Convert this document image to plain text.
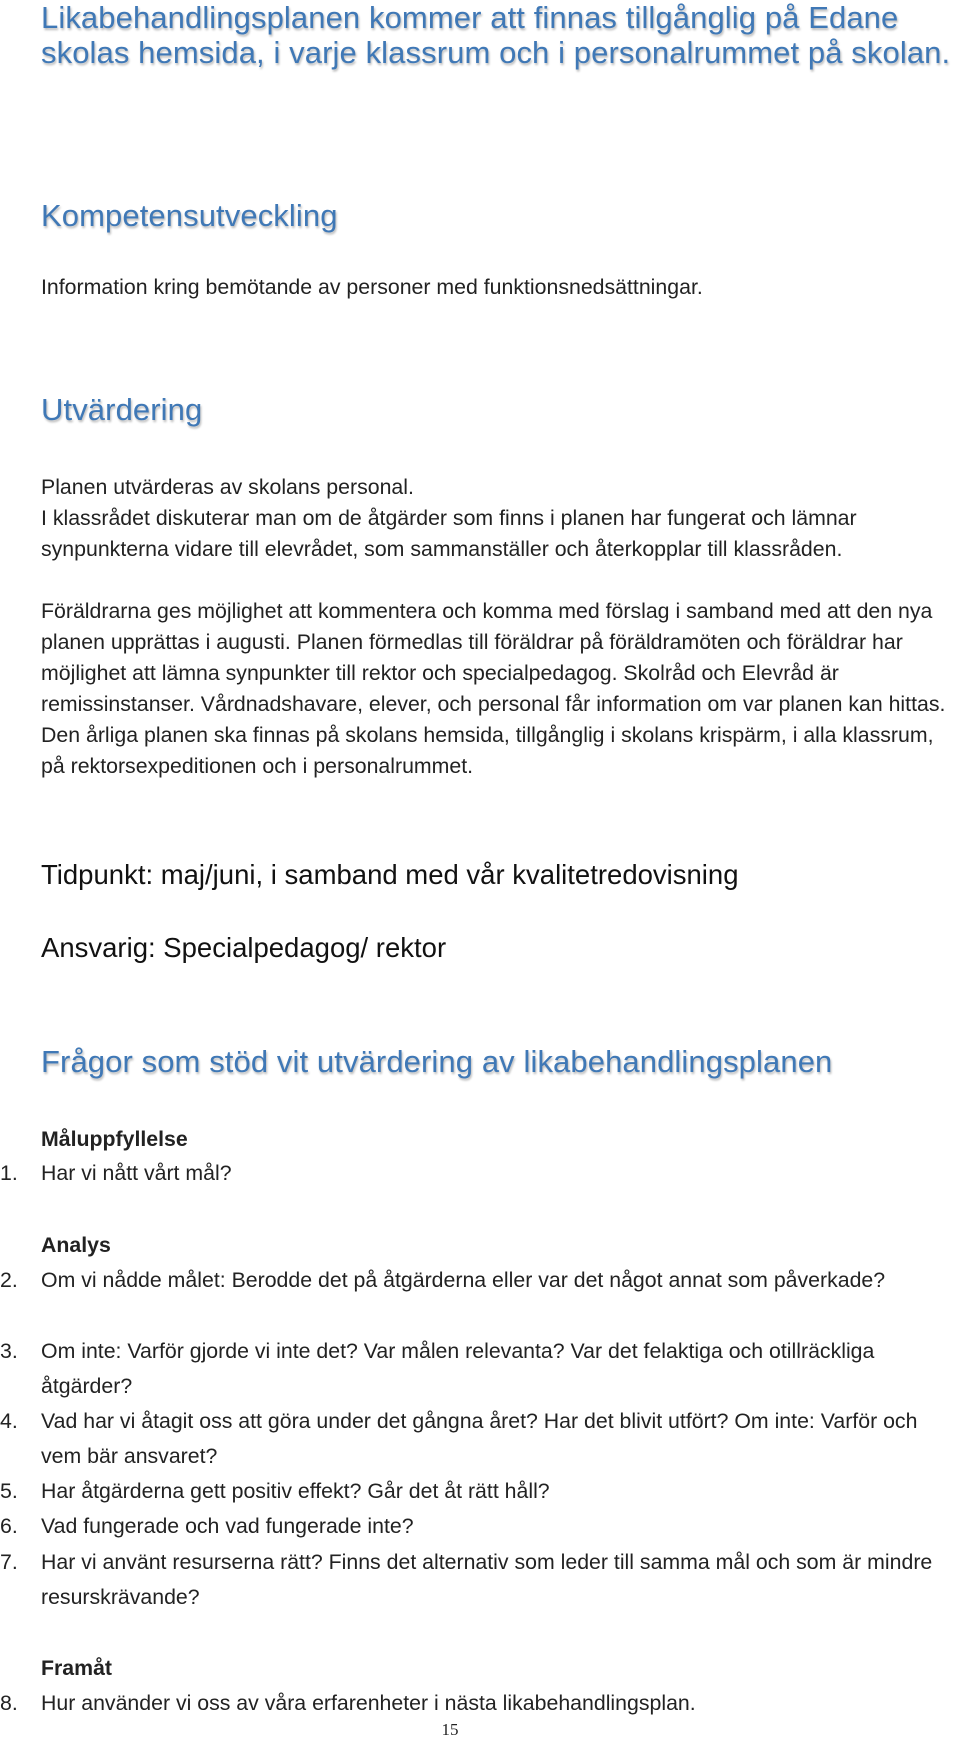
Likabehandlingsplanen kommer att finnas tillgånglig på Edane
skolas hemsida, i varje klassrum och i personalrummet på skolan.
Kompetensutveckling

Information kring bemötande av personer med funktionsnedsättningar.

Utvärdering

Planen utvärderas av skolans personal.

I klassrådet diskuterar man om de åtgärder som finns i planen har fungerat och lämnar synpunkterna vidare till elevrådet, som sammanställer och återkopplar till klassråden.

Föräldrarna ges möjlighet att kommentera och komma med förslag i samband med att den nya planen upprättas i augusti. Planen förmedlas till föräldrar på föräldramöten och föräldrar har möjlighet att lämna synpunkter till rektor och specialpedagog. Skolråd och Elevråd är remissinstanser. Vårdnadshavare, elever, och personal får information om var planen kan hittas. Den årliga planen ska finnas på skolans hemsida, tillgånglig i skolans krispärm, i alla klassrum, på rektorsexpeditionen och i personalrummet.

Tidpunkt: maj/juni, i samband med vår kvalitetredovisning

Ansvarig: Specialpedagog/ rektor

Frågor som stöd vit utvärdering av likabehandlingsplanen
Måluppfyllelse
1.	Har vi nått vårt mål?
Analys
2.	Om vi nådde målet: Berodde det på åtgärderna eller var det något annat som påverkade?
3.	Om inte: Varför gjorde vi inte det? Var målen relevanta? Var det felaktiga och otillräckliga åtgärder?
4.	Vad har vi åtagit oss att göra under det gångna året? Har det blivit utfört? Om inte: Varför och vem bär ansvaret?
5.	Har åtgärderna gett positiv effekt? Går det åt rätt håll?
6.	Vad fungerade och vad fungerade inte?
7.	Har vi använt resurserna rätt? Finns det alternativ som leder till samma mål och som är mindre resurskrävande?
Framåt
8.	Hur använder vi oss av våra erfarenheter i nästa likabehandlingsplan.
15
